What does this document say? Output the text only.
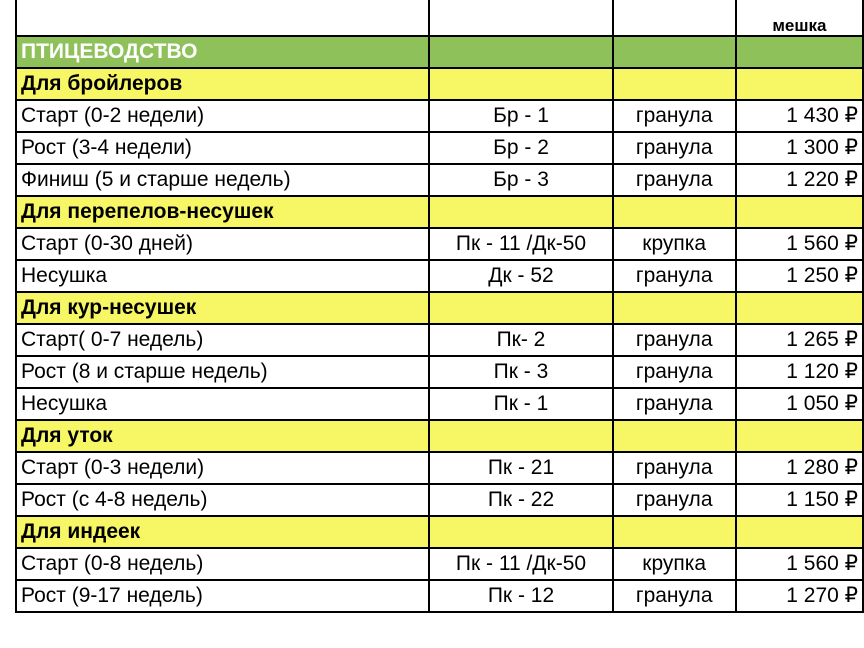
			мешка
ПТИЦЕВОДСТВО			
Для бройлеров			
Старт (0-2 недели)	Бр - 1	гранула	1 430 ₽
Рост (3-4 недели)	Бр - 2	гранула	1 300 ₽
Финиш (5 и старше недель)	Бр - 3	гранула	1 220 ₽
Для перепелов-несушек			
Старт (0-30 дней)	Пк - 11 /Дк-50	крупка	1 560 ₽
Несушка	Дк - 52	гранула	1 250 ₽
Для кур-несушек			
Старт( 0-7 недель)	Пк- 2	гранула	1 265 ₽
Рост (8 и старше недель)	Пк - 3	гранула	1 120 ₽
Несушка	Пк - 1	гранула	1 050 ₽
Для уток			
Старт (0-3 недели)	Пк - 21	гранула	1 280 ₽
Рост (с 4-8 недель)	Пк - 22	гранула	1 150 ₽
Для индеек			
Старт (0-8 недель)	Пк - 11 /Дк-50	крупка	1 560 ₽
Рост (9-17 недель)	Пк - 12	гранула	1 270 ₽
